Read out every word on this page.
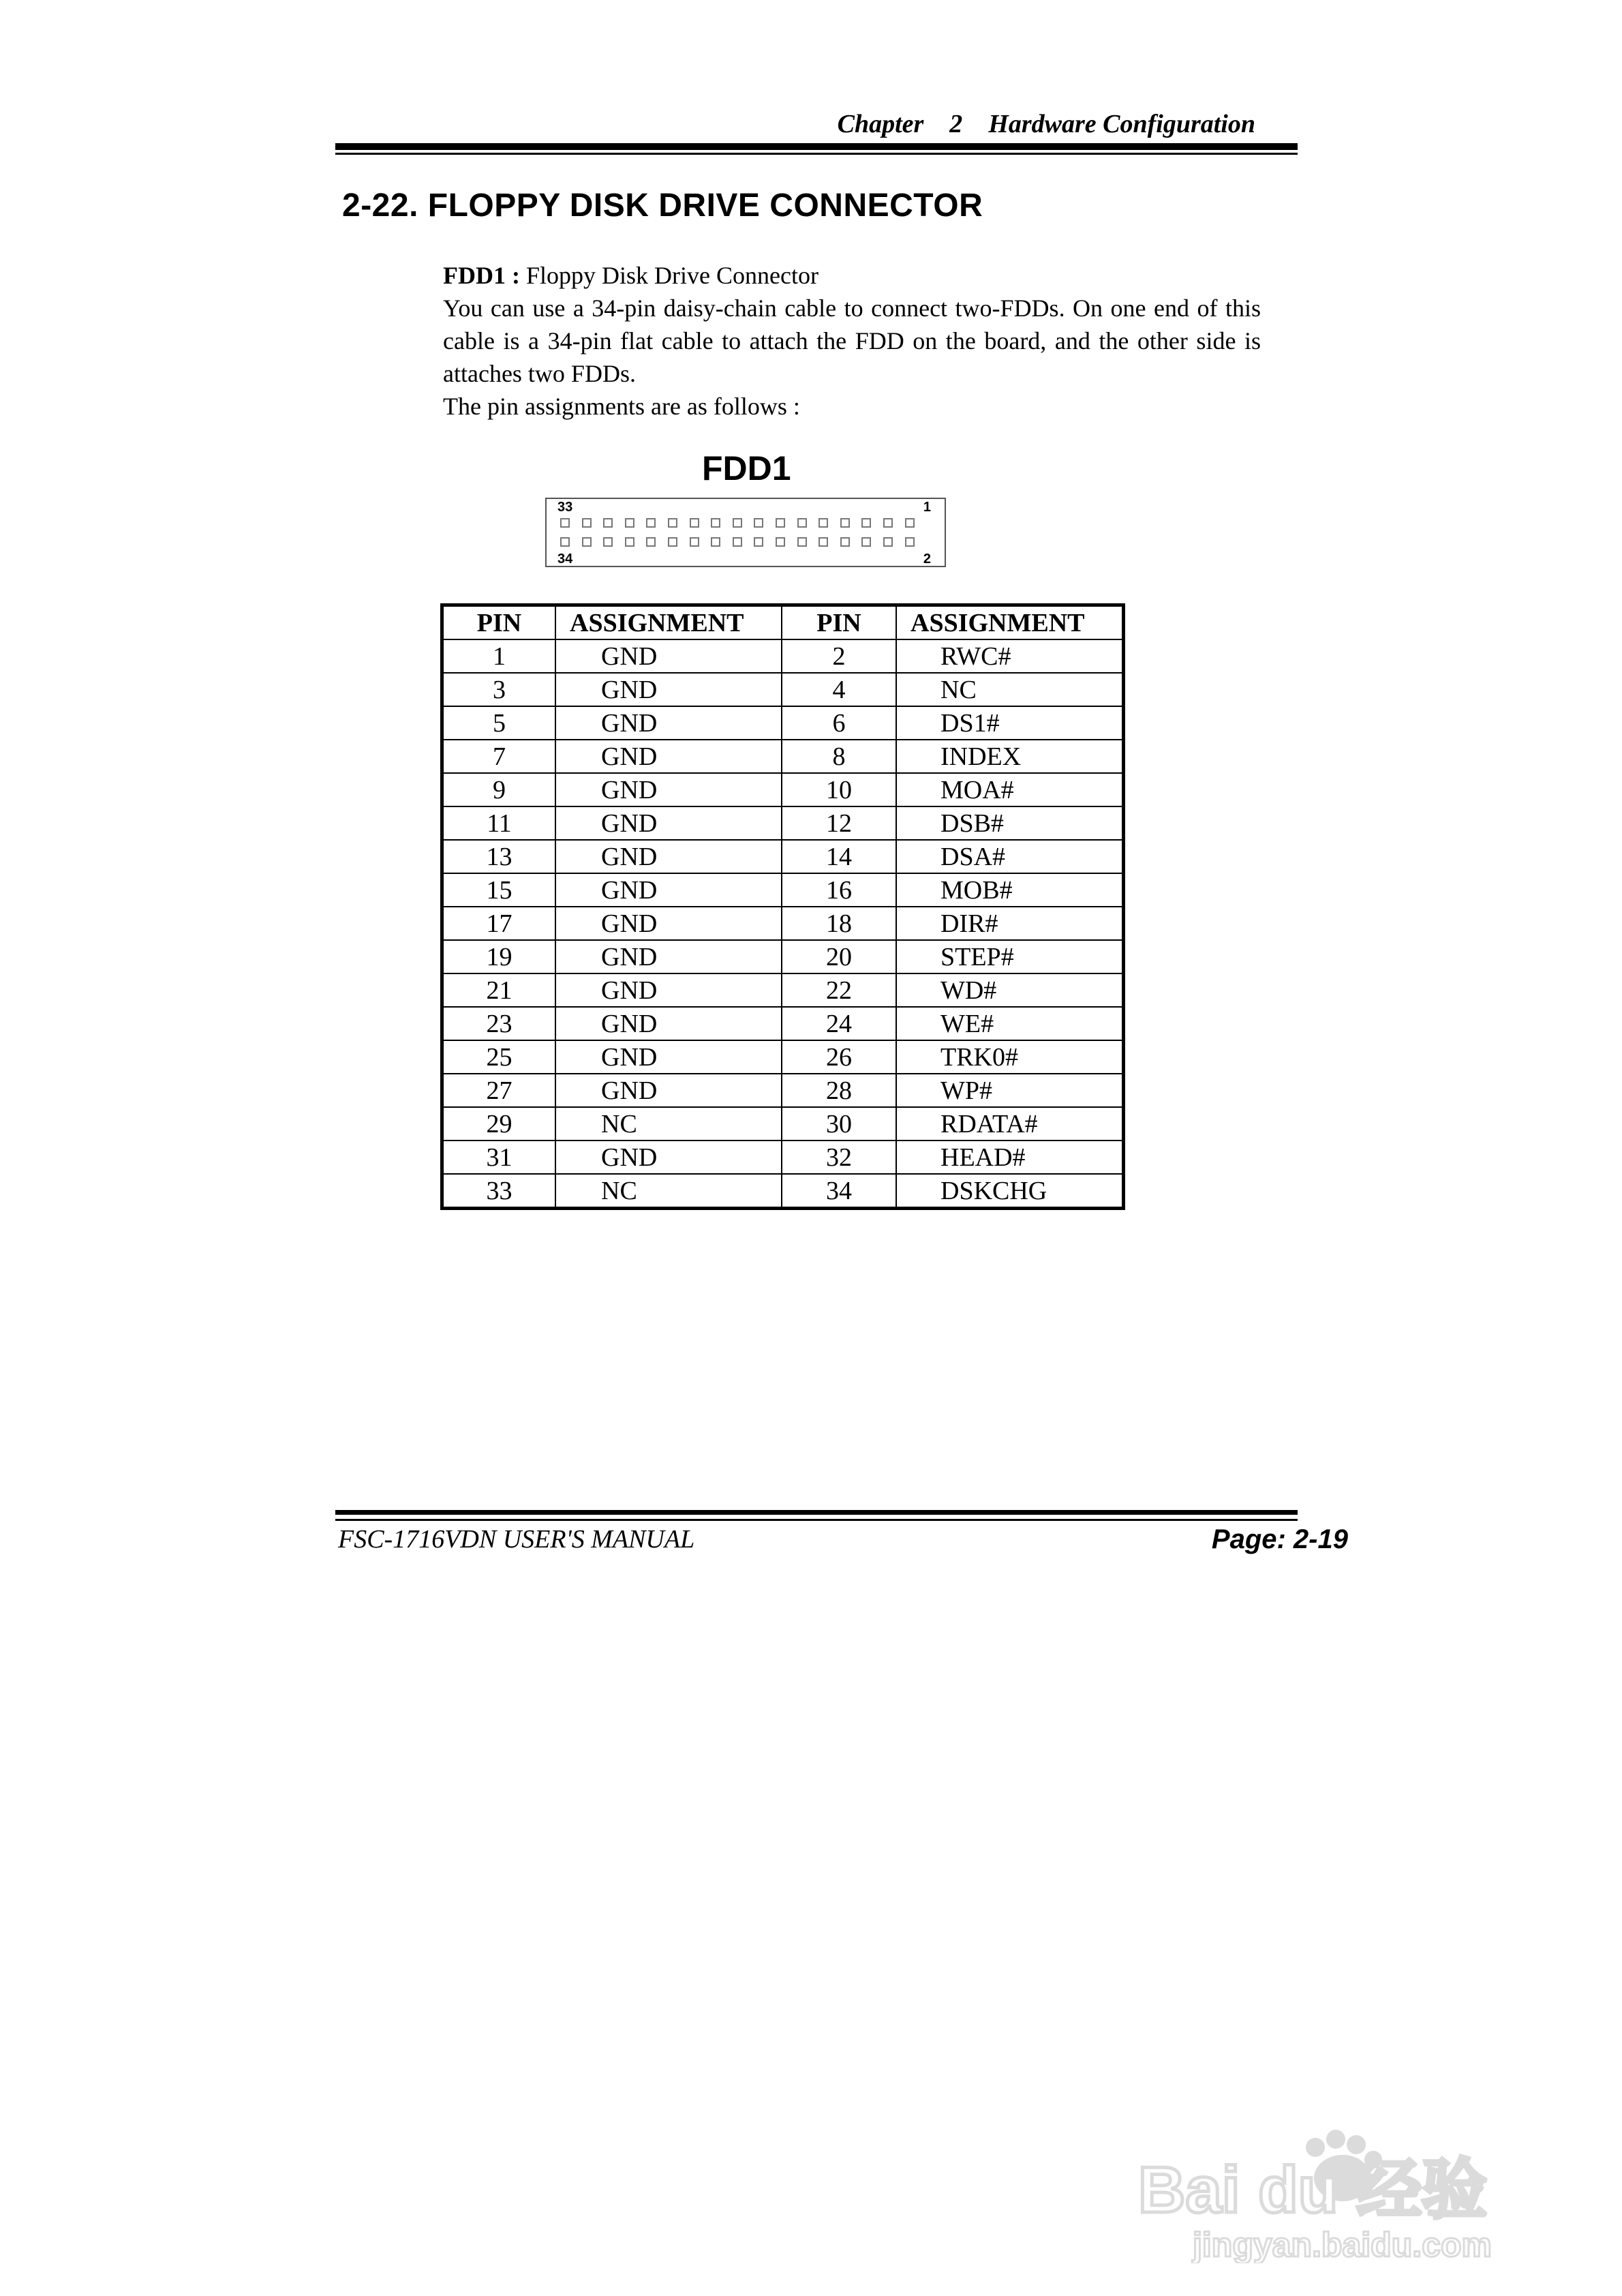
Chapter    2    Hardware Configuration
2-22. FLOPPY DISK DRIVE CONNECTOR

FDD1 : Floppy Disk Drive Connector

You can use a 34-pin daisy-chain cable to connect two-FDDs. On one end of this cable is a 34-pin flat cable to attach the FDD on the board, and the other side is attaches two FDDs.

The pin assignments are as follows :

FDD1
33	1
34	2
PIN	ASSIGNMENT	PIN	ASSIGNMENT
1	GND	2	RWC#
3	GND	4	NC
5	GND	6	DS1#
7	GND	8	INDEX
9	GND	10	MOA#
11	GND	12	DSB#
13	GND	14	DSA#
15	GND	16	MOB#
17	GND	18	DIR#
19	GND	20	STEP#
21	GND	22	WD#
23	GND	24	WE#
25	GND	26	TRK0#
27	GND	28	WP#
29	NC	30	RDATA#
31	GND	32	HEAD#
33	NC	34	DSKCHG
FSC-1716VDN USER'S MANUAL	Page: 2-19
Bai du 经验
jingyan.baidu.com
